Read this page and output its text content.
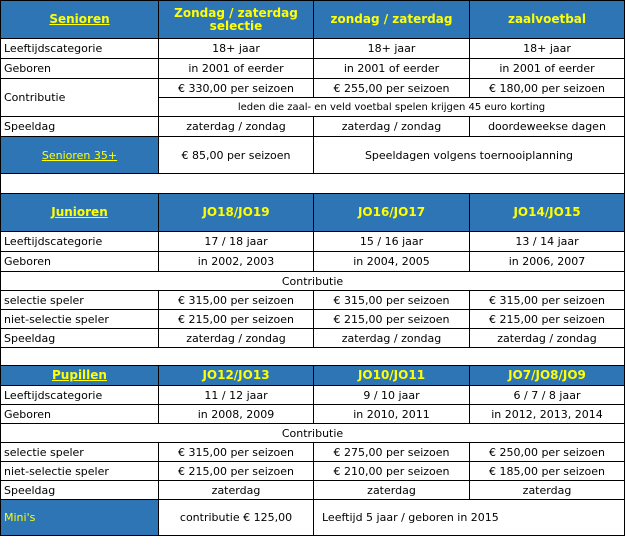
Senioren	Zondag / zaterdag selectie	zondag / zaterdag	zaalvoetbal
Leeftijdscategorie	18+ jaar	18+ jaar	18+ jaar
Geboren	in 2001 of eerder	in 2001 of eerder	in 2001 of eerder
Contributie	€ 330,00 per seizoen	€ 255,00 per seizoen	€ 180,00 per seizoen
	leden die zaal- en veld voetbal spelen krijgen 45 euro korting		
Speeldag	zaterdag / zondag	zaterdag / zondag	doordeweekse dagen
Senioren 35+	€ 85,00 per seizoen	Speeldagen volgens toernooiplanning	

Junioren	JO18/JO19	JO16/JO17	JO14/JO15
Leeftijdscategorie	17 / 18 jaar	15 / 16 jaar	13 / 14 jaar
Geboren	in 2002, 2003	in 2004, 2005	in 2006, 2007
Contributie			
selectie speler	€ 315,00 per seizoen	€ 315,00 per seizoen	€ 315,00 per seizoen
niet-selectie speler	€ 215,00 per seizoen	€ 215,00 per seizoen	€ 215,00 per seizoen
Speeldag	zaterdag / zondag	zaterdag / zondag	zaterdag / zondag

Pupillen	JO12/JO13	JO10/JO11	JO7/JO8/JO9
Leeftijdscategorie	11 / 12 jaar	9 / 10 jaar	6 / 7 / 8 jaar
Geboren	in 2008, 2009	in 2010, 2011	in 2012, 2013, 2014
Contributie			
selectie speler	€ 315,00 per seizoen	€ 275,00 per seizoen	€ 250,00 per seizoen
niet-selectie speler	€ 215,00 per seizoen	€ 210,00 per seizoen	€ 185,00 per seizoen
Speeldag	zaterdag	zaterdag	zaterdag
Mini's	contributie € 125,00	Leeftijd 5 jaar / geboren in 2015	
